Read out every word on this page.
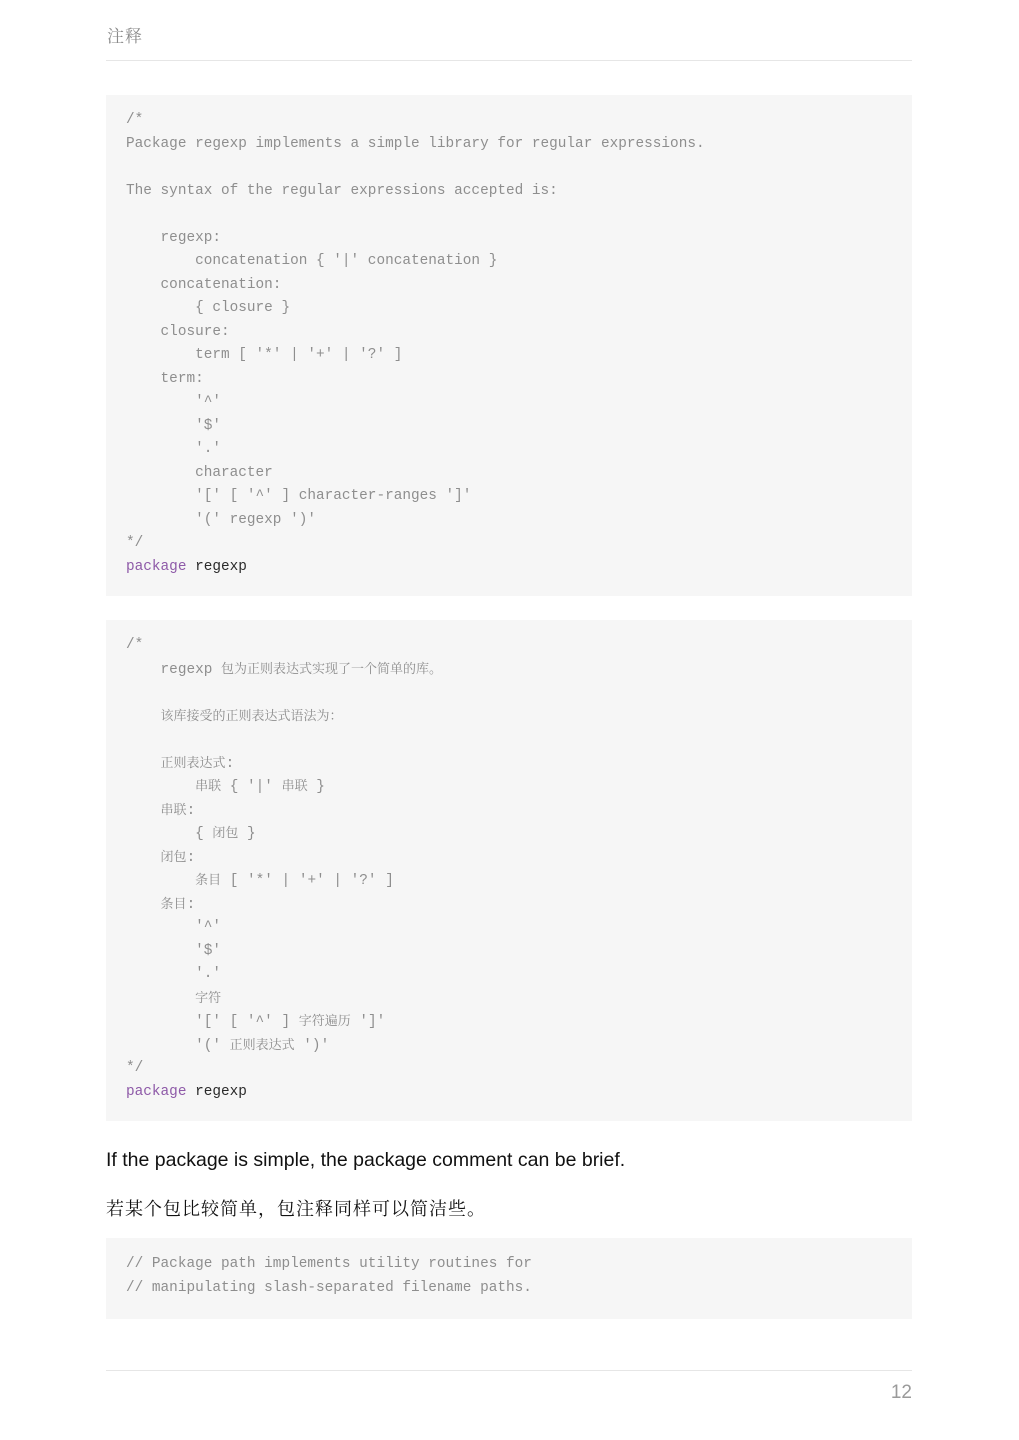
注释
/*
Package regexp implements a simple library for regular expressions.
The syntax of the regular expressions accepted is:
regexp:
concatenation { '|' concatenation }
concatenation:
{ closure }
closure:
term [ '*' | '+' | '?' ]
term:
'^'
'$'
'.'
character
'[' [ '^' ] character-ranges ']'
'(' regexp ')'
*/
package regexp
/*
regexp 包为正则表达式实现了一个简单的库。
该库接受的正则表达式语法为：
正则表达式:
串联 { '|' 串联 }
串联:
{ 闭包 }
闭包:
条目 [ '*' | '+' | '?' ]
条目:
'^'
'$'
'.'
字符
'[' [ '^' ] 字符遍历 ']'
'(' 正则表达式 ')'
*/
package regexp
If the package is simple, the package comment can be brief.
若某个包比较简单，包注释同样可以简洁些。
// Package path implements utility routines for
// manipulating slash-separated filename paths.
12
